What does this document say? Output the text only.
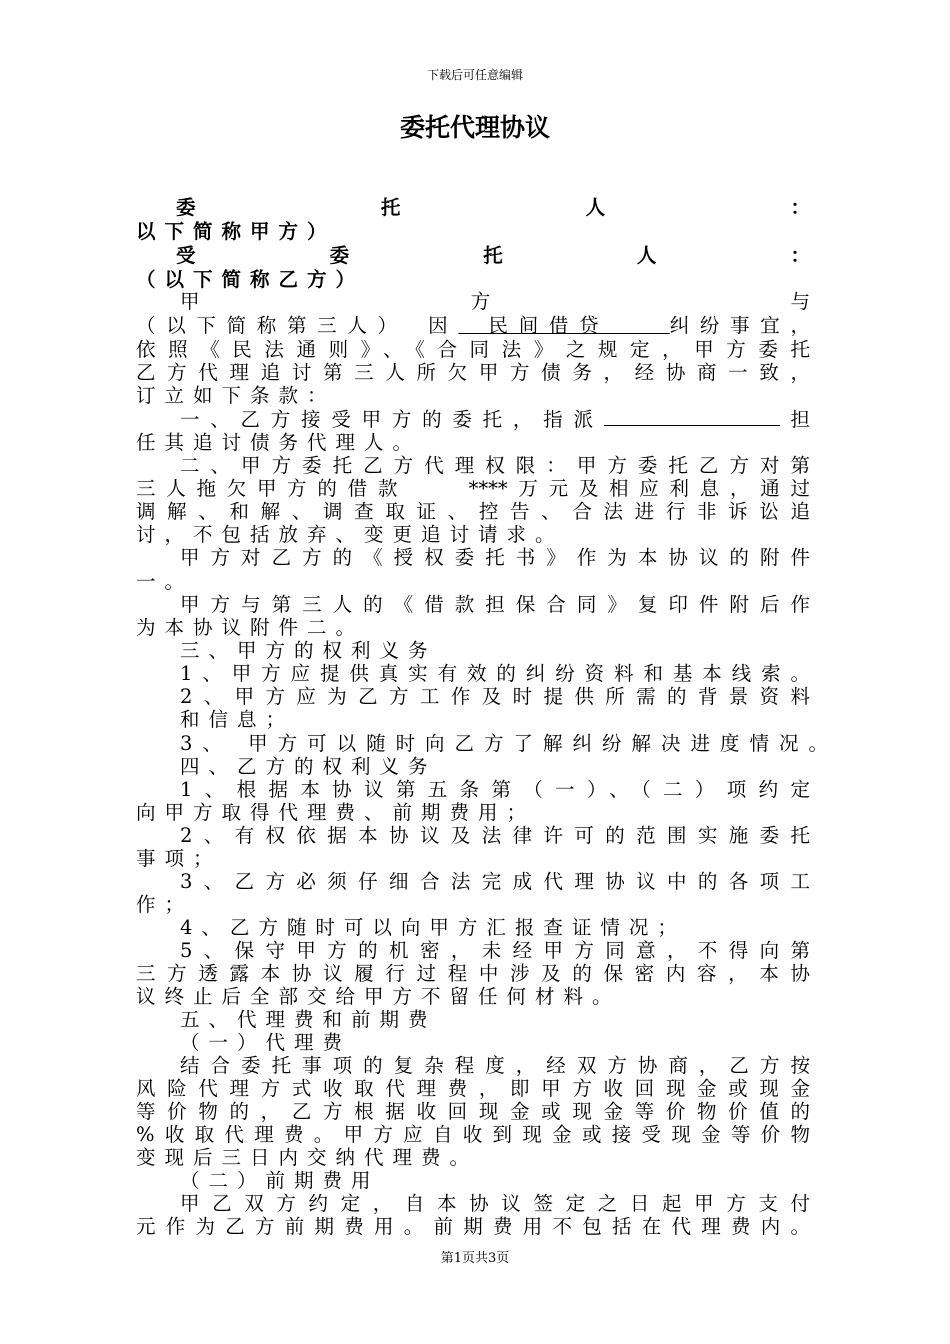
下载后可任意编辑
委托代理协议
委　　　　托　　　　人　　　　：
以下简称甲方）
受　　　委　　　托　　　人　　　：
（以下简称乙方）
甲　　　　　　　　　方　　　　　　　　　　与
（以下简称第三人）　因　民间借贷　　纠纷事宜，
依照《民法通则》、《合同法》之规定，甲方委托
乙方代理追讨第三人所欠甲方债务，经协商一致，
订立如下条款：
一、乙方接受甲方的委托，指派	担
任其追讨债务代理人。
二、甲方委托乙方代理权限：甲方委托乙方对第
三人拖欠甲方的借款　　****万元及相应利息，通过
调解、和解、调查取证、控告、合法进行非诉讼追
讨，不包括放弃、变更追讨请求。
甲方对乙方的《授权委托书》作为本协议的附件
一。
甲方与第三人的《借款担保合同》复印件附后作
为本协议附件二。
三、甲方的权利义务
1、甲方应提供真实有效的纠纷资料和基本线索。
2、甲方应为乙方工作及时提供所需的背景资料
和信息；
3、 甲方可以随时向乙方了解纠纷解决进度情况。
四、乙方的权利义务
1、根据本协议第五条第（一）、（二）项约定
向甲方取得代理费、前期费用；
2、有权依据本协议及法律许可的范围实施委托
事项；
3、乙方必须仔细合法完成代理协议中的各项工
作；
4、乙方随时可以向甲方汇报查证情况；
5、保守甲方的机密，未经甲方同意，不得向第
三方透露本协议履行过程中涉及的保密内容，本协
议终止后全部交给甲方不留任何材料。
五、代理费和前期费
（一）代理费
结合委托事项的复杂程度，经双方协商，乙方按
风险代理方式收取代理费，即甲方收回现金或现金
等价物的，乙方根据收回现金或现金等价物价值的
%收取代理费。甲方应自收到现金或接受现金等价物
变现后三日内交纳代理费。
（二）前期费用
甲乙双方约定，自本协议签定之日起甲方支付
元作为乙方前期费用。前期费用不包括在代理费内。
第1页共3页
